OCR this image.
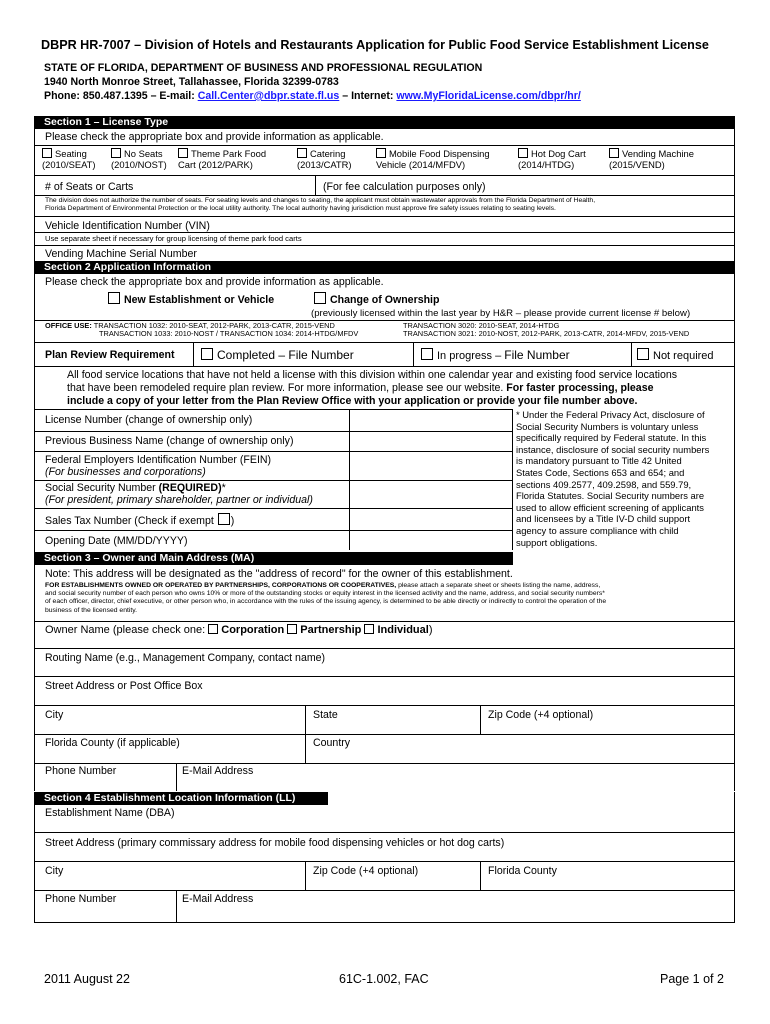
DBPR HR-7007 – Division of Hotels and Restaurants Application for Public Food Service Establishment License
STATE OF FLORIDA, DEPARTMENT OF BUSINESS AND PROFESSIONAL REGULATION
1940 North Monroe Street, Tallahassee, Florida 32399-0783
Phone: 850.487.1395 – E-mail: Call.Center@dbpr.state.fl.us – Internet: www.MyFloridaLicense.com/dbpr/hr/
Section 1 – License Type
Please check the appropriate box and provide information as applicable.
Seating
(2010/SEAT)
No Seats
(2010/NOST)
Theme Park Food
Cart (2012/PARK)
Catering
(2013/CATR)
Mobile Food Dispensing
Vehicle (2014/MFDV)
Hot Dog Cart
(2014/HTDG)
Vending Machine
(2015/VEND)
# of Seats or Carts	(For fee calculation purposes only)
The division does not authorize the number of seats. For seating levels and changes to seating, the applicant must obtain wastewater approvals from the Florida Department of Health,
Florida Department of Environmental Protection or the local utility authority. The local authority having jurisdiction must approve fire safety issues relating to seating levels.
Vehicle Identification Number (VIN)
Use separate sheet if necessary for group licensing of theme park food carts
Vending Machine Serial Number
Section 2 Application Information
Please check the appropriate box and provide information as applicable.
New Establishment or Vehicle	Change of Ownership
(previously licensed within the last year by H&R – please provide current license # below)
OFFICE USE: TRANSACTION 1032: 2010-SEAT, 2012-PARK, 2013-CATR, 2015-VEND
TRANSACTION 1033: 2010-NOST / TRANSACTION 1034: 2014-HTDG/MFDV
TRANSACTION 3020: 2010-SEAT, 2014-HTDG
TRANSACTION 3021: 2010-NOST, 2012-PARK, 2013-CATR, 2014-MFDV, 2015-VEND
Plan Review Requirement	Completed – File Number	In progress – File Number	Not required
All food service locations that have not held a license with this division within one calendar year and existing food service locations
that have been remodeled require plan review. For more information, please see our website. For faster processing, please
include a copy of your letter from the Plan Review Office with your application or provide your file number above.
License Number (change of ownership only)
Previous Business Name (change of ownership only)
Federal Employers Identification Number (FEIN)
(For businesses and corporations)
Social Security Number (REQUIRED)*
(For president, primary shareholder, partner or individual)
Sales Tax Number (Check if exempt )
Opening Date (MM/DD/YYYY)
* Under the Federal Privacy Act, disclosure of
Social Security Numbers is voluntary unless
specifically required by Federal statute. In this
instance, disclosure of social security numbers
is mandatory pursuant to Title 42 United
States Code, Sections 653 and 654; and
sections 409.2577, 409.2598, and 559.79,
Florida Statutes. Social Security numbers are
used to allow efficient screening of applicants
and licensees by a Title IV-D child support
agency to assure compliance with child
support obligations.
Section 3 – Owner and Main Address (MA)
Note: This address will be designated as the "address of record" for the owner of this establishment.
FOR ESTABLISHMENTS OWNED OR OPERATED BY PARTNERSHIPS, CORPORATIONS OR COOPERATIVES, please attach a separate sheet or sheets listing the name, address,
and social security number of each person who owns 10% or more of the outstanding stocks or equity interest in the licensed activity and the name, address, and social security numbers*
of each officer, director, chief executive, or other person who, in accordance with the rules of the issuing agency, is determined to be able directly or indirectly to control the operation of the
business of the licensed entity.
Owner Name (please check one: Corporation Partnership Individual)
Routing Name (e.g., Management Company, contact name)
Street Address or Post Office Box
City	State	Zip Code (+4 optional)
Florida County (if applicable)	Country
Phone Number	E-Mail Address
Section 4 Establishment Location Information (LL)
Establishment Name (DBA)
Street Address (primary commissary address for mobile food dispensing vehicles or hot dog carts)
City	Zip Code (+4 optional)	Florida County
Phone Number	E-Mail Address
2011 August 22	61C-1.002, FAC	Page 1 of 2
